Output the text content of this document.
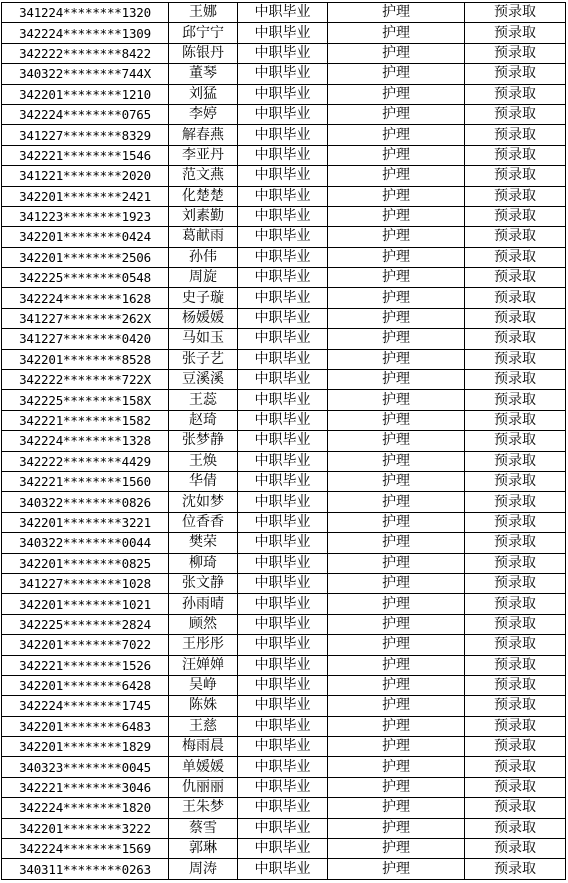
341224********1320	王娜	中职毕业	护理	预录取
342224********1309	邱宁宁	中职毕业	护理	预录取
342222********8422	陈银丹	中职毕业	护理	预录取
340322********744X	董琴	中职毕业	护理	预录取
342201********1210	刘猛	中职毕业	护理	预录取
342224********0765	李婷	中职毕业	护理	预录取
341227********8329	解春燕	中职毕业	护理	预录取
342221********1546	李亚丹	中职毕业	护理	预录取
341221********2020	范文燕	中职毕业	护理	预录取
342201********2421	化楚楚	中职毕业	护理	预录取
341223********1923	刘素勤	中职毕业	护理	预录取
342201********0424	葛献雨	中职毕业	护理	预录取
342201********2506	孙伟	中职毕业	护理	预录取
342225********0548	周旋	中职毕业	护理	预录取
342224********1628	史子璇	中职毕业	护理	预录取
341227********262X	杨媛媛	中职毕业	护理	预录取
341227********0420	马如玉	中职毕业	护理	预录取
342201********8528	张子艺	中职毕业	护理	预录取
342222********722X	豆溪溪	中职毕业	护理	预录取
342225********158X	王蕊	中职毕业	护理	预录取
342221********1582	赵琦	中职毕业	护理	预录取
342224********1328	张梦静	中职毕业	护理	预录取
342222********4429	王焕	中职毕业	护理	预录取
342221********1560	华倩	中职毕业	护理	预录取
340322********0826	沈如梦	中职毕业	护理	预录取
342201********3221	位香香	中职毕业	护理	预录取
340322********0044	樊荣	中职毕业	护理	预录取
342201********0825	柳琦	中职毕业	护理	预录取
341227********1028	张文静	中职毕业	护理	预录取
342201********1021	孙雨晴	中职毕业	护理	预录取
342225********2824	顾然	中职毕业	护理	预录取
342201********7022	王彤彤	中职毕业	护理	预录取
342221********1526	汪婵婵	中职毕业	护理	预录取
342201********6428	吴峥	中职毕业	护理	预录取
342224********1745	陈姝	中职毕业	护理	预录取
342201********6483	王慈	中职毕业	护理	预录取
342201********1829	梅雨晨	中职毕业	护理	预录取
340323********0045	单媛媛	中职毕业	护理	预录取
342221********3046	仇丽丽	中职毕业	护理	预录取
342224********1820	王朱梦	中职毕业	护理	预录取
342201********3222	蔡雪	中职毕业	护理	预录取
342224********1569	郭琳	中职毕业	护理	预录取
340311********0263	周涛	中职毕业	护理	预录取
